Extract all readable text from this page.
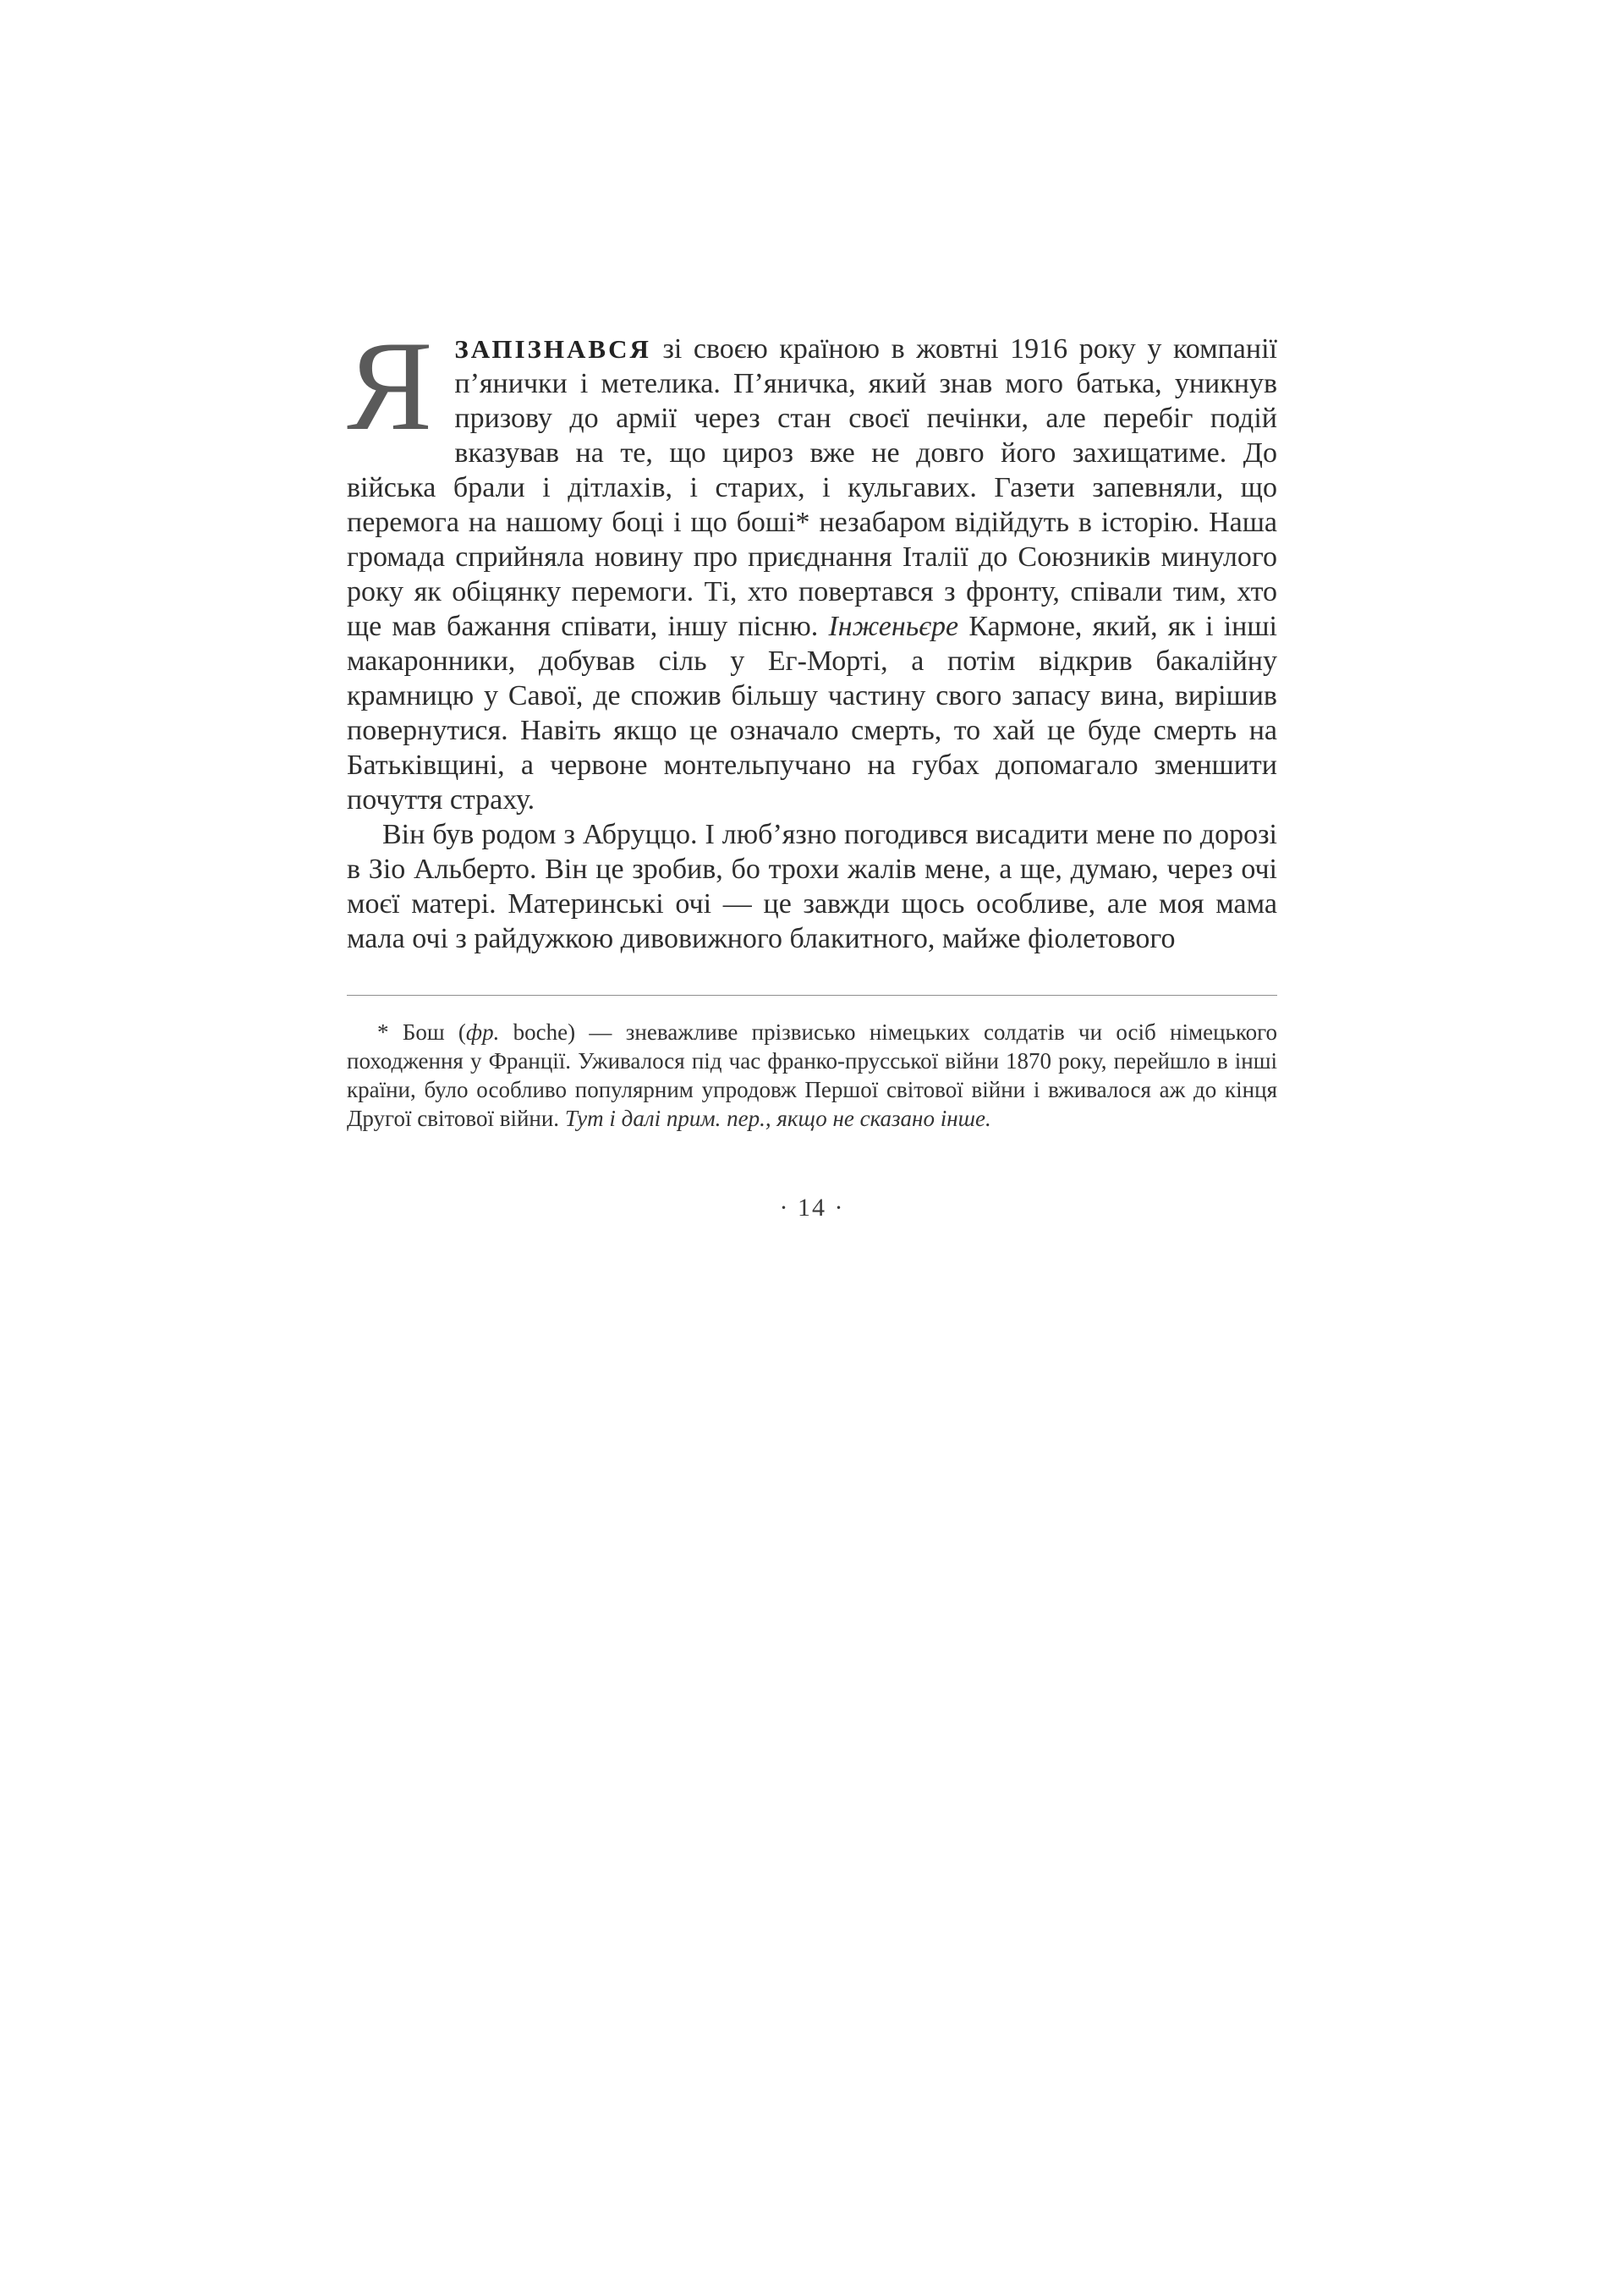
ЯЗАПІЗНАВСЯ зі своєю країною в жовтні 1916 року у компанії п’янички і метелика. П’яничка, який знав мого батька, уникнув призову до армії через стан своєї печінки, але перебіг подій вказував на те, що цироз вже не довго його захищатиме. До війська брали і дітлахів, і старих, і кульгавих. Газети запевняли, що перемога на нашому боці і що боші* незабаром відійдуть в історію. Наша громада сприйняла новину про приєднання Італії до Союзників минулого року як обіцянку перемоги. Ті, хто повертався з фронту, співали тим, хто ще мав бажання співати, іншу пісню. Інженьєре Кармоне, який, як і інші макаронники, добував сіль у Ег-Морті, а потім відкрив бакалійну крамницю у Савої, де спожив більшу частину свого запасу вина, вирішив повернутися. Навіть якщо це означало смерть, то хай це буде смерть на Батьківщині, а червоне монтельпучано на губах допомагало зменшити почуття страху.

Він був родом з Абруццо. І люб’язно погодився висадити мене по дорозі в Зіо Альберто. Він це зробив, бо трохи жалів мене, а ще, думаю, через очі моєї матері. Материнські очі — це завжди щось особливе, але моя мама мала очі з райдужкою дивовижного блакитного, майже фіолетового

* Бош (фр. boche) — зневажливе прізвисько німецьких солдатів чи осіб німецького походження у Франції. Уживалося під час франко-прусської війни 1870 року, перейшло в інші країни, було особливо популярним упродовж Першої світової війни і вживалося аж до кінця Другої світової війни. Тут і далі прим. пер., якщо не сказано інше.

· 14 ·
